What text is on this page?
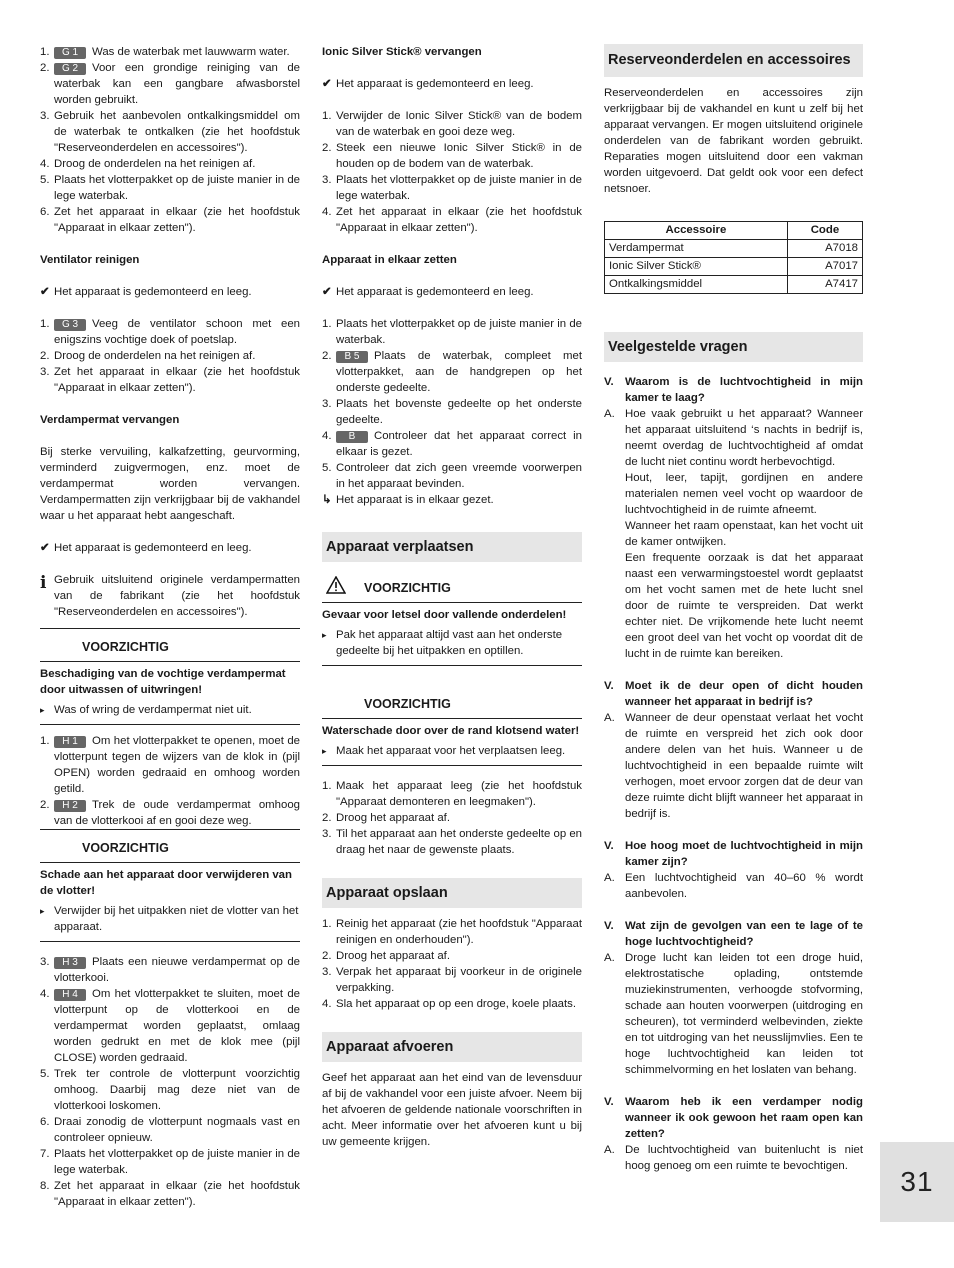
1. G 1 Was de waterbak met lauwwarm water.
2. G 2 Voor een grondige reiniging van de waterbak kan een gangbare afwasborstel worden gebruikt.
3. Gebruik het aanbevolen ontkalkingsmiddel om de waterbak te ontkalken (zie het hoofdstuk "Reserveonderdelen en accessoires").
4. Droog de onderdelen na het reinigen af.
5. Plaats het vlotterpakket op de juiste manier in de lege waterbak.
6. Zet het apparaat in elkaar (zie het hoofdstuk "Apparaat in elkaar zetten").

Ventilator reinigen

✔ Het apparaat is gedemonteerd en leeg.
1. G 3 Veeg de ventilator schoon met een enigszins vochtige doek of poetslap.
2. Droog de onderdelen na het reinigen af.
3. Zet het apparaat in elkaar (zie het hoofdstuk "Apparaat in elkaar zetten").

Verdampermat vervangen

Bij sterke vervuiling, kalkafzetting, geurvorming, verminderd zuigvermogen, enz. moet de verdampermat worden vervangen. Verdampermatten zijn verkrijgbaar bij de vakhandel waar u het apparaat hebt aangeschaft.

✔ Het apparaat is gedemonteerd en leeg.
i Gebruik uitsluitend originele verdampermatten van de fabrikant (zie het hoofdstuk "Reserveonderdelen en accessoires").
VOORZICHTIG
Beschadiging van de vochtige verdampermat door uitwassen of uitwringen!
▸ Was of wring de verdampermat niet uit.
1. H 1 Om het vlotterpakket te openen, moet de vlotterpunt tegen de wijzers van de klok in (pijl OPEN) worden gedraaid en omhoog worden getild.
2. H 2 Trek de oude verdampermat omhoog van de vlotterkooi af en gooi deze weg.
VOORZICHTIG
Schade aan het apparaat door verwijderen van de vlotter!
▸ Verwijder bij het uitpakken niet de vlotter van het apparaat.
3. H 3 Plaats een nieuwe verdampermat op de vlotterkooi.
4. H 4 Om het vlotterpakket te sluiten, moet de vlotterpunt op de vlotterkooi en de verdampermat worden geplaatst, omlaag worden gedrukt en met de klok mee (pijl CLOSE) worden gedraaid.
5. Trek ter controle de vlotterpunt voorzichtig omhoog. Daarbij mag deze niet van de vlotterkooi loskomen.
6. Draai zonodig de vlotterpunt nogmaals vast en controleer opnieuw.
7. Plaats het vlotterpakket op de juiste manier in de lege waterbak.
8. Zet het apparaat in elkaar (zie het hoofdstuk "Apparaat in elkaar zetten").

Ionic Silver Stick® vervangen

✔ Het apparaat is gedemonteerd en leeg.
1. Verwijder de Ionic Silver Stick® van de bodem van de waterbak en gooi deze weg.
2. Steek een nieuwe Ionic Silver Stick® in de houden op de bodem van de waterbak.
3. Plaats het vlotterpakket op de juiste manier in de lege waterbak.
4. Zet het apparaat in elkaar (zie het hoofdstuk "Apparaat in elkaar zetten").

Apparaat in elkaar zetten

✔ Het apparaat is gedemonteerd en leeg.
1. Plaats het vlotterpakket op de juiste manier in de waterbak.
2. B 5 Plaats de waterbak, compleet met vlotterpakket, aan de handgrepen op het onderste gedeelte.
3. Plaats het bovenste gedeelte op het onderste gedeelte.
4. B Controleer dat het apparaat correct in elkaar is gezet.
5. Controleer dat zich geen vreemde voorwerpen in het apparaat bevinden.
↳ Het apparaat is in elkaar gezet.

Apparaat verplaatsen

VOORZICHTIG
Gevaar voor letsel door vallende onderdelen!
▸ Pak het apparaat altijd vast aan het onderste gedeelte bij het uitpakken en optillen.
VOORZICHTIG
Waterschade door over de rand klotsend water!
▸ Maak het apparaat voor het verplaatsen leeg.
1. Maak het apparaat leeg (zie het hoofdstuk "Apparaat demonteren en leegmaken").
2. Droog het apparaat af.
3. Til het apparaat aan het onderste gedeelte op en draag het naar de gewenste plaats.

Apparaat opslaan

1. Reinig het apparaat (zie het hoofdstuk "Apparaat reinigen en onderhouden").
2. Droog het apparaat af.
3. Verpak het apparaat bij voorkeur in de originele verpakking.
4. Sla het apparaat op op een droge, koele plaats.

Apparaat afvoeren

Geef het apparaat aan het eind van de levensduur af bij de vakhandel voor een juiste afvoer. Neem bij het afvoeren de geldende nationale voorschriften in acht. Meer informatie over het afvoeren kunt u bij uw gemeente krijgen.

Reserveonderdelen en accessoires

Reserveonderdelen en accessoires zijn verkrijgbaar bij de vakhandel en kunt u zelf bij het apparaat vervangen. Er mogen uitsluitend originele onderdelen van de fabrikant worden gebruikt. Reparaties mogen uitsluitend door een vakman worden uitgevoerd. Dat geldt ook voor een defect netsnoer.

Accessoire	Code
Verdampermat	A7018
Ionic Silver Stick®	A7017
Ontkalkingsmiddel	A7417

Veelgestelde vragen

V. Waarom is de luchtvochtigheid in mijn kamer te laag?
A. Hoe vaak gebruikt u het apparaat? Wanneer het apparaat uitsluitend ‘s nachts in bedrijf is, neemt overdag de luchtvochtigheid af omdat de lucht niet continu wordt herbevochtigd.
Hout, leer, tapijt, gordijnen en andere materialen nemen veel vocht op waardoor de luchtvochtigheid in de ruimte afneemt.
Wanneer het raam openstaat, kan het vocht uit de kamer ontwijken.
Een frequente oorzaak is dat het apparaat naast een verwarmingstoestel wordt geplaatst om het vocht samen met de hete lucht snel door de ruimte te verspreiden. Dat werkt echter niet. De vrijkomende hete lucht neemt een groot deel van het vocht op voordat dit de lucht in de ruimte kan bereiken.
V. Moet ik de deur open of dicht houden wanneer het apparaat in bedrijf is?
A. Wanneer de deur openstaat verlaat het vocht de ruimte en verspreid het zich ook door andere delen van het huis. Wanneer u de luchtvochtigheid in een bepaalde ruimte wilt verhogen, moet ervoor zorgen dat de deur van deze ruimte dicht blijft wanneer het apparaat in bedrijf is.
V. Hoe hoog moet de luchtvochtigheid in mijn kamer zijn?
A. Een luchtvochtigheid van 40–60 % wordt aanbevolen.
V. Wat zijn de gevolgen van een te lage of te hoge luchtvochtigheid?
A. Droge lucht kan leiden tot een droge huid, elektrostatische oplading, ontstemde muziekinstrumenten, verhoogde stofvorming, schade aan houten voorwerpen (uitdroging en scheuren), tot verminderd welbevinden, ziekte en tot uitdroging van het neusslijmvlies. Een te hoge luchtvochtigheid kan leiden tot schimmelvorming en het loslaten van behang.
V. Waarom heb ik een verdamper nodig wanneer ik ook gewoon het raam open kan zetten?
A. De luchtvochtigheid van buitenlucht is niet hoog genoeg om een ruimte te bevochtigen.	31
